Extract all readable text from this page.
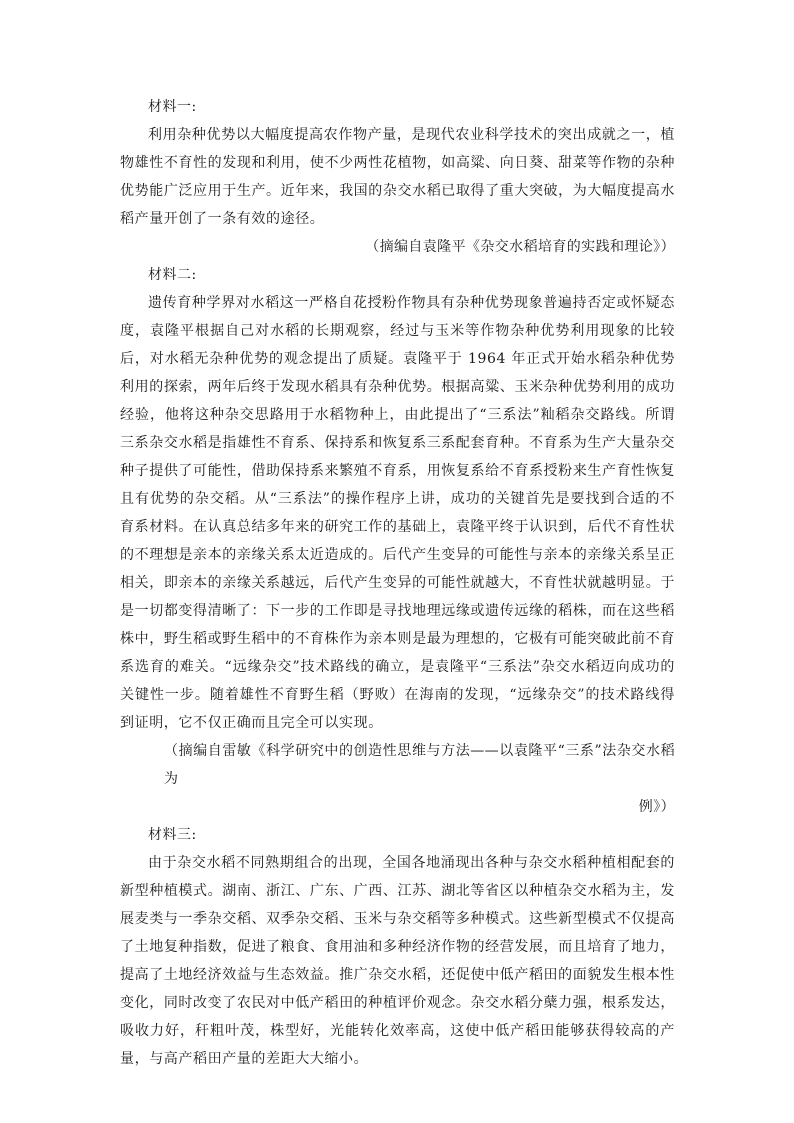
材料一:

利用杂种优势以大幅度提高农作物产量，是现代农业科学技术的突出成就之一，植物雄性不育性的发现和利用，使不少两性花植物，如高粱、向日葵、甜菜等作物的杂种优势能广泛应用于生产。近年来，我国的杂交水稻已取得了重大突破，为大幅度提高水稻产量开创了一条有效的途径。

（摘编自袁隆平《杂交水稻培育的实践和理论》）

材料二:

遗传育种学界对水稻这一严格自花授粉作物具有杂种优势现象普遍持否定或怀疑态度，袁隆平根据自己对水稻的长期观察，经过与玉米等作物杂种优势利用现象的比较后，对水稻无杂种优势的观念提出了质疑。袁隆平于 1964 年正式开始水稻杂种优势利用的探索，两年后终于发现水稻具有杂种优势。根据高粱、玉米杂种优势利用的成功经验，他将这种杂交思路用于水稻物种上，由此提出了“三系法”籼稻杂交路线。所谓三系杂交水稻是指雄性不育系、保持系和恢复系三系配套育种。不育系为生产大量杂交种子提供了可能性，借助保持系来繁殖不育系，用恢复系给不育系授粉来生产育性恢复且有优势的杂交稻。从“三系法”的操作程序上讲，成功的关键首先是要找到合适的不育系材料。在认真总结多年来的研究工作的基础上，袁隆平终于认识到，后代不育性状的不理想是亲本的亲缘关系太近造成的。后代产生变异的可能性与亲本的亲缘关系呈正相关，即亲本的亲缘关系越远，后代产生变异的可能性就越大，不育性状就越明显。于是一切都变得清晰了：下一步的工作即是寻找地理远缘或遗传远缘的稻株，而在这些稻株中，野生稻或野生稻中的不育株作为亲本则是最为理想的，它极有可能突破此前不育系选育的难关。“远缘杂交”技术路线的确立，是袁隆平“三系法”杂交水稻迈向成功的关键性一步。随着雄性不育野生稻（野败）在海南的发现，“远缘杂交”的技术路线得到证明，它不仅正确而且完全可以实现。

（摘编自雷敏《科学研究中的创造性思维与方法——以袁隆平“三系”法杂交水稻为
例》）

材料三:

由于杂交水稻不同熟期组合的出现，全国各地涌现出各种与杂交水稻种植相配套的新型种植模式。湖南、浙江、广东、广西、江苏、湖北等省区以种植杂交水稻为主，发展麦类与一季杂交稻、双季杂交稻、玉米与杂交稻等多种模式。这些新型模式不仅提高了土地复种指数，促进了粮食、食用油和多种经济作物的经营发展，而且培育了地力，提高了土地经济效益与生态效益。推广杂交水稻，还促使中低产稻田的面貌发生根本性变化，同时改变了农民对中低产稻田的种植评价观念。杂交水稻分蘖力强，根系发达，吸收力好，秆粗叶茂，株型好，光能转化效率高，这使中低产稻田能够获得较高的产量，与高产稻田产量的差距大大缩小。
